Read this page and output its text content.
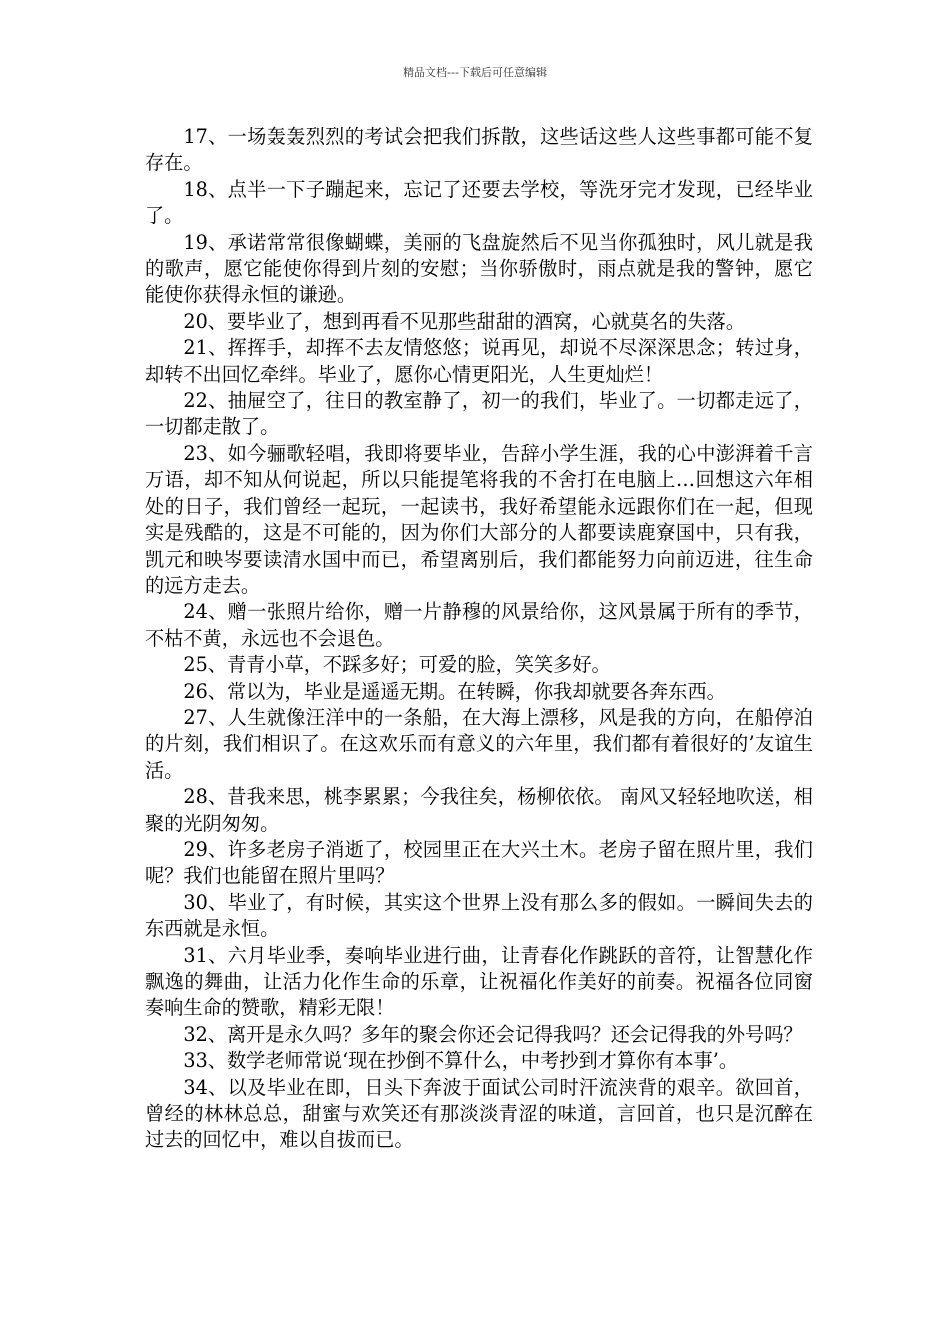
精品文档---下载后可任意编辑

17、一场轰轰烈烈的考试会把我们拆散，这些话这些人这些事都可能不复存在。

18、点半一下子蹦起来，忘记了还要去学校，等洗牙完才发现，已经毕业了。

19、承诺常常很像蝴蝶，美丽的飞盘旋然后不见当你孤独时，风儿就是我的歌声，愿它能使你得到片刻的安慰；当你骄傲时，雨点就是我的警钟，愿它能使你获得永恒的谦逊。

20、要毕业了，想到再看不见那些甜甜的酒窝，心就莫名的失落。

21、挥挥手，却挥不去友情悠悠；说再见，却说不尽深深思念；转过身，却转不出回忆牵绊。毕业了，愿你心情更阳光，人生更灿烂！

22、抽屉空了，往日的教室静了，初一的我们，毕业了。一切都走远了，一切都走散了。

23、如今骊歌轻唱，我即将要毕业，告辞小学生涯，我的心中澎湃着千言万语，却不知从何说起，所以只能提笔将我的不舍打在电脑上…回想这六年相处的日子，我们曾经一起玩，一起读书，我好希望能永远跟你们在一起，但现实是残酷的，这是不可能的，因为你们大部分的人都要读鹿寮国中，只有我，凯元和映岑要读清水国中而已，希望离别后，我们都能努力向前迈进，往生命的远方走去。

24、赠一张照片给你，赠一片静穆的风景给你，这风景属于所有的季节，不枯不黄，永远也不会退色。

25、青青小草，不踩多好；可爱的脸，笑笑多好。

26、常以为，毕业是遥遥无期。在转瞬，你我却就要各奔东西。

27、人生就像汪洋中的一条船，在大海上漂移，风是我的方向，在船停泊的片刻，我们相识了。在这欢乐而有意义的六年里，我们都有着很好的’友谊生活。

28、昔我来思，桃李累累；今我往矣，杨柳依依。 南风又轻轻地吹送，相聚的光阴匆匆。

29、许多老房子消逝了，校园里正在大兴土木。老房子留在照片里，我们呢？我们也能留在照片里吗？

30、毕业了，有时候，其实这个世界上没有那么多的假如。一瞬间失去的东西就是永恒。

31、六月毕业季，奏响毕业进行曲，让青春化作跳跃的音符，让智慧化作飘逸的舞曲，让活力化作生命的乐章，让祝福化作美好的前奏。祝福各位同窗奏响生命的赞歌，精彩无限！

32、离开是永久吗？多年的聚会你还会记得我吗？还会记得我的外号吗？

33、数学老师常说‘现在抄倒不算什么，中考抄到才算你有本事’。

34、以及毕业在即，日头下奔波于面试公司时汗流浃背的艰辛。欲回首，曾经的林林总总，甜蜜与欢笑还有那淡淡青涩的味道，言回首，也只是沉醉在过去的回忆中，难以自拔而已。
